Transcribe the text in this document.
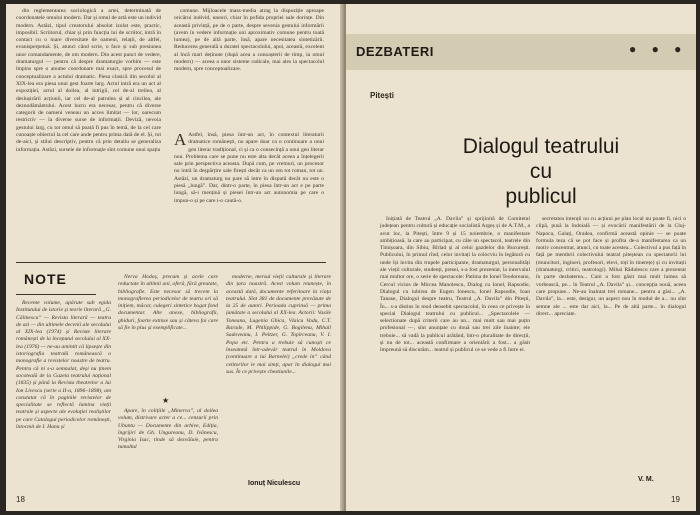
din reglementarea sociologică a artei, determinată de coordonatele omului modern. Dar și omul de artă este un individ modern. Astăzi, tipul creatorului absolut izolat este, practic, imposibil. Scriitorul, chiar și prin funcția lui de scriitor, intră în contact cu o mare diversitate de oameni, relații, de altfel, evanisperpetuă. Și, atunci când scrie, o face și sub presiunea unor comandamente, de om modern. Din acest punct de vedere, dramaturgul — pentru că despre dramaturgie vorbim — este împins spre o anume coordonare mai exact, spre procesul de conceptualizare a actului dramatic. Piesa clasică din secolul al XIX-lea era piesa unui gest foarte larg. Actul intră era un act al expoziției, actul al doilea, al intrigii, cel de-al treilea, al deslușirării acțiunii, iar cel de-al patrulea și al cincilea, ale deznodământului. Acest lucru era necesar, pentru că diverse categorii de oameni veneau un acces limitat — lor, oarecum restrictiv — la diverse surse de informații. Deviză, nevoia gestului larg, cu tot omul să poată fi pus în temă, de la cel care cunoaște obiectul la cel care ande pentru prima dată de el. Și, tot de-aici, și stilul descriptiv, pentru că prin detaliu se generaliza informația. Astăzi, sursele de informație sînt comune unui spațiu

comune. Mijloacele mass-media atrag la dispoziție aproape oricărui individ, uneori, chiar în pofida propriei sale dorințe. Din această privință, pe de o parte, despre sevenia gestului informării (avem în vedere informație uni aproximativ comune pentru toată lumea), pe de altă parte, însă, apare necesitatea sintetizării. Reducerea generală a duratei spectacolului, apoi, această, excelent al încă mari deținute (după acea a cunoașterii de timp, la omul modern) — aceea a unor sisteme radicale, mai ales la spectacolul modern, spre conceptualizare.

A Astfel, însă, piesa într-un act, în contextul literaturii dramatice românești, nu apare doar ca o continuare a unui gen literar tradițional, ci și ca o consecință a unui gen literar nou. Problema care se pune nu este alta decât aceea a înțelegerii sale prin perspectiva aceasta. După cum, pe vremuri, un procesor nu intră în deșpărțire sale firești decât ca un om tot roman, tot un. Astăzi, un dramaturg nu pare să intre în dispută decât nu este o piesă „lungă”. Dar, dintr-o parte, în piesa într-un act e pe parte lungă, să-i mențină și piesei într-un act autonomia pe care o impun-o și pe care i-o caută-o.

NOTE

Recente volume, apărute sub egida Institutului de istorie și teorie literară „G. Călinescu” — Revista literară — teatru de azi — din ultimele decenii ale secolului al XIX-lea (1974) și Reviste literare românești de la începutul secolului al XX-lea (1976) — ne-au amintit că lipsește din istoriografia teatrală românească o monografie a revistelor noastre de teatru. Pentru că ni s-a semnalat, deși nu ținem socoteală de la Gazeta teatrului național (1835) și până la Revista theatrelor a lui Ion Livescu (serie a II-a, 1896–1898), am constatat că în paginile revistelor de specialitate se reflectă lumina vieții teatrale și aspecte ale evoluției realiștilor pe care Catalogul periodicelor românești, întocmit de I. Hanu și

Nerva Hodoș, precum și acele care reductate în ultimii ani, oferă, fără greutate, bibliografie. Este necesar să trecem la monografierea periodicelor de teatru ori să inițiem, măcar, culegeri sintetice bogat fond documentar. Alte anexe, bibliografii, ghiduri, foarte extinse sau și câteva foi care să fie în plus și exemplificate...

★

Apare, în colițiile „Minerva”, al doilea volum, distrivare acter a ce... cenzurii prin Ubuntu — Documente din arhive, Ediția, îngrijiri de Gh. Ungureanu, D. Ivănescu, Virginia Isac, tinde să dezvăluie, pentru tumultul

moderne, mersul vieții culturale și literare din țara noastră. Acest volum reunește, în această dată, documente referitoare la viața teatrului. Sînt 381 de documente prevăzute de la 25 de autori. Perioada cuprinsă — prima jumătate a secolului al XX-lea. Actorii: Vasile Toneanu, Lugenia Ghica, Vlaicu Vadu, C.T. Barade, M. Philippide, G. Bogilenu, Mihail Sadoveanu, I. Peltzer, G. Topîrceanu, V. I. Popa etc. Pentru a trebuie să cunoști ce înseamnă într-adevăr teatrul în Moldova (continuare a lui Barnelei) „crede în” când cetitorilor le mai simți, apar în dialogul mai sus. În ce privește chestiunile...

Ionuț Niculescu
18
DEZBATERI	● ● ●
Pitești
Dialogul teatrului
cu
publicul

Inițiată de Teatrul „A. Davila” și sprijinită de Comitetul județean pentru cultură și educație socialistă Argeș și de A.T.M., a avut loc, la Pitești, între 9 și 15 noiembrie, o manifestare ambițioasă, la care au participat, cu câte un spectacol, teatrele din Timișoara, din Sibiu, Bîrlad și al celui gazdelor din București. Publicului, în primul rînd, celor invitați la colocviu în legătură cu unde își invita din trupele participante, dramaturgul, personalități ale vieții culturale, studenți, presei, s-a fost prezentat, la intervalul mai multor ore, o serie de spectacole: Patima de Ionel Teodoreanu, Cercul vicios de Mircea Manolescu, Dialog cu Ionel, Rapsodie, Dialogul cu iubirea de Eugen Ionescu, Ionel Rapsodie, Ioan Tanase, Dialogul despre teatru, Teatrul „A. Davila” din Pitești, În... s-a distins în mod deosebit spectacolul, în ceea ce privește în special Dialogul teatrului cu publicul... „Spectacolele — selectionate după criterii care au un... mai mult sau mai puțin profesional —, sînt anunțate cu două sau trei zile înainte; ele trebuie... să vadă la publicul arătând, într-o pluralitate de direcții, și nu de tot... această confirmare a orientării a fost... a găsit împreună să discutăm... teatrul și publicul ce se vede a fi între ei.

secretatea intenții nu cu acțiuni pe plan local nu poate fi, nici o clipă, pusă la îndoială — și evocării manifestării de la Cluj-Napoca, Galați, Oradea, confirmă această opinie — se poate formula teza că se pot face și profita de-a manifestarea ca un motiv concentrat, atunci, cu toate acestea... Colectivul a pus față în față pe membrii colectivului teatral piteștean cu spectatorii lui (muncitori, ingineri, profesori, elevi, toți în tinerețe) și cu invitații (dramaturgi, critici, teatrologi). Mihai Rădulescu care a prezentat în parte dezbaterea... Cum a fost găsit mai mult lumea să vorbească, pe... în Teatrul „A. Davila” și... concepția nouă, aceea care propune... Ne-au înaintat trei romane... pentru a găsi... „A. Davila”, la... este, desigur, un aspect nou în modul de a... nu sînt semne ale ... este dar aici, la... Pe de altă parte... în dialogul direct... apreciate.

V. M.
19
